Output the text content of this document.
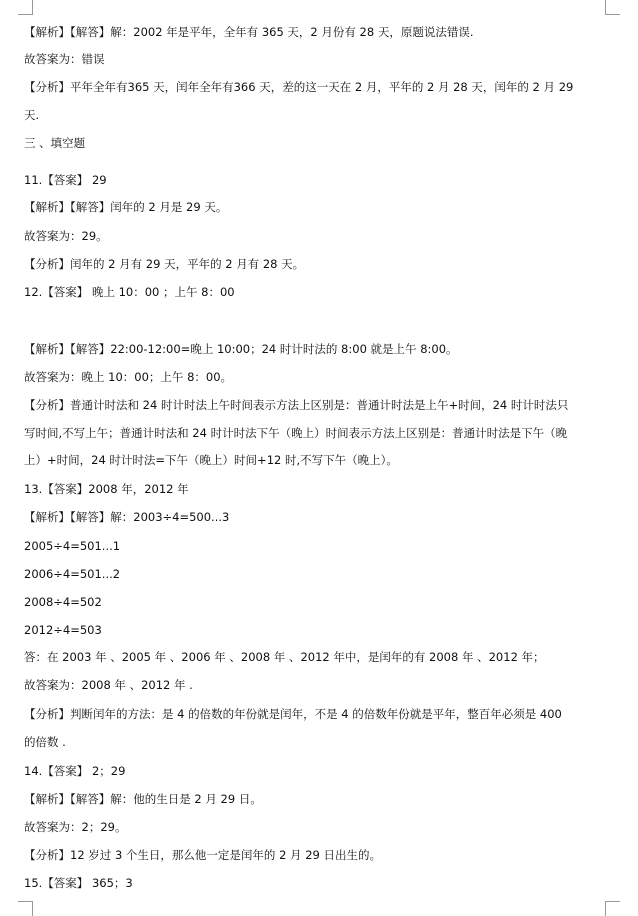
【解析】【解答】解：2002 年是平年，全年有 365 天，2 月份有 28 天，原题说法错误.
故答案为：错误
【分析】平年全年有365 天，闰年全年有366 天，差的这一天在 2 月，平年的 2 月 28 天，闰年的 2 月 29
天.
三 、填空题
11.【答案】 29
【解析】【解答】闰年的 2 月是 29 天。
故答案为：29。
【分析】闰年的 2 月有 29 天，平年的 2 月有 28 天。
12.【答案】 晚上 10：00 ；上午 8：00
【解析】【解答】22:00-12:00=晚上 10:00；24 时计时法的 8:00 就是上午 8:00。
故答案为：晚上 10：00；上午 8：00。
【分析】普通计时法和 24 时计时法上午时间表示方法上区别是：普通计时法是上午+时间，24 时计时法只
写时间,不写上午；普通计时法和 24 时计时法下午（晚上）时间表示方法上区别是：普通计时法是下午（晚
上）+时间，24 时计时法=下午（晚上）时间+12 时,不写下午（晚上）。
13.【答案】2008 年，2012 年
【解析】【解答】解：2003÷4=500...3
2005÷4=501...1
2006÷4=501...2
2008÷4=502
2012÷4=503
答：在 2003 年 、2005 年 、2006 年 、2008 年 、2012 年中，是闰年的有 2008 年 、2012 年；
故答案为：2008 年 、2012 年 .
【分析】判断闰年的方法：是 4 的倍数的年份就是闰年，不是 4 的倍数年份就是平年，整百年必须是 400
的倍数 .
14.【答案】 2；29
【解析】【解答】解：他的生日是 2 月 29 日。
故答案为：2；29。
【分析】12 岁过 3 个生日，那么他一定是闰年的 2 月 29 日出生的。
15.【答案】 365；3
